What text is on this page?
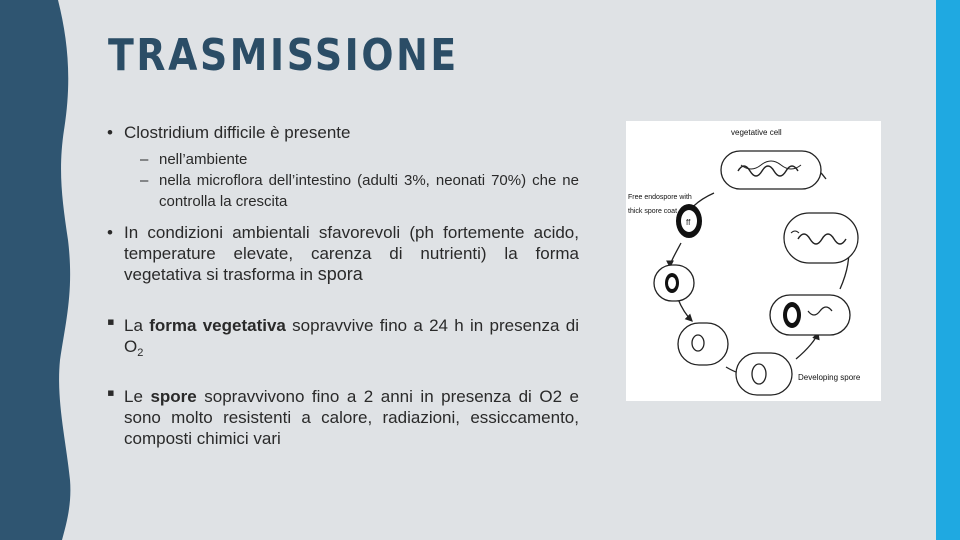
TRASMISSIONE
• Clostridium difficile è presente
– nell’ambiente
– nella microflora dell’intestino (adulti 3%, neonati 70%) che ne controlla la crescita
• In condizioni ambientali sfavorevoli (ph fortemente acido, temperature elevate, carenza di nutrienti) la forma vegetativa si trasforma in spora
▪ La forma vegetativa sopravvive fino a 24 h in presenza di $O_2$
▪ Le spore sopravvivono fino a 2 anni in presenza di O2 e sono molto resistenti a calore, radiazioni, essiccamento, composti chimici vari
ff
vegetative cell
Free endospore with
thick spore coat
Developing spore
